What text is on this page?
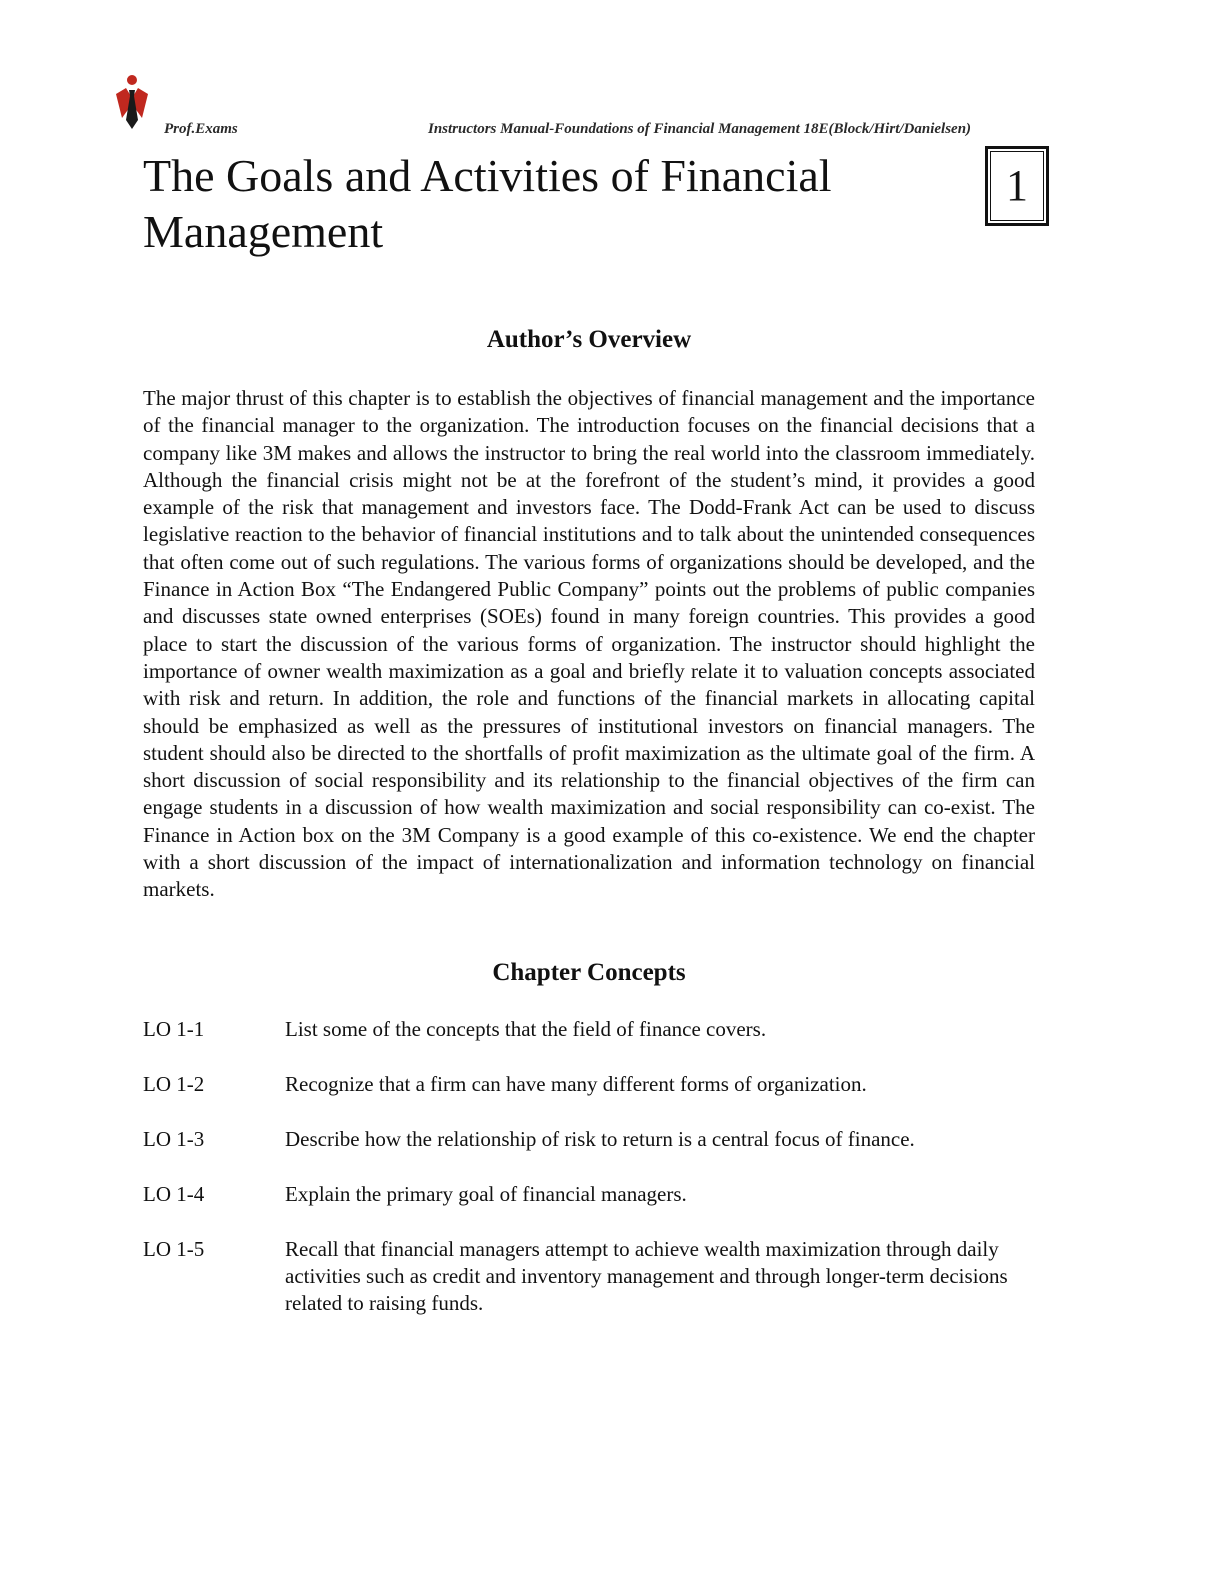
Prof.Exams	Instructors Manual-Foundations of Financial Management 18E(Block/Hirt/Danielsen)
The Goals and Activities of Financial Management
1
Author’s Overview

The major thrust of this chapter is to establish the objectives of financial management and the importance of the financial manager to the organization. The introduction focuses on the financial decisions that a company like 3M makes and allows the instructor to bring the real world into the classroom immediately. Although the financial crisis might not be at the forefront of the student’s mind, it provides a good example of the risk that management and investors face. The Dodd-Frank Act can be used to discuss legislative reaction to the behavior of financial institutions and to talk about the unintended consequences that often come out of such regulations. The various forms of organizations should be developed, and the Finance in Action Box “The Endangered Public Company” points out the problems of public companies and discusses state owned enterprises (SOEs) found in many foreign countries. This provides a good place to start the discussion of the various forms of organization. The instructor should highlight the importance of owner wealth maximization as a goal and briefly relate it to valuation concepts associated with risk and return. In addition, the role and functions of the financial markets in allocating capital should be emphasized as well as the pressures of institutional investors on financial managers. The student should also be directed to the shortfalls of profit maximization as the ultimate goal of the firm. A short discussion of social responsibility and its relationship to the financial objectives of the firm can engage students in a discussion of how wealth maximization and social responsibility can co-exist. The Finance in Action box on the 3M Company is a good example of this co-existence. We end the chapter with a short discussion of the impact of internationalization and information technology on financial markets.

Chapter Concepts
LO 1-1	List some of the concepts that the field of finance covers.
LO 1-2	Recognize that a firm can have many different forms of organization.
LO 1-3	Describe how the relationship of risk to return is a central focus of finance.
LO 1-4	Explain the primary goal of financial managers.
LO 1-5	Recall that financial managers attempt to achieve wealth maximization through daily activities such as credit and inventory management and through longer-term decisions related to raising funds.
